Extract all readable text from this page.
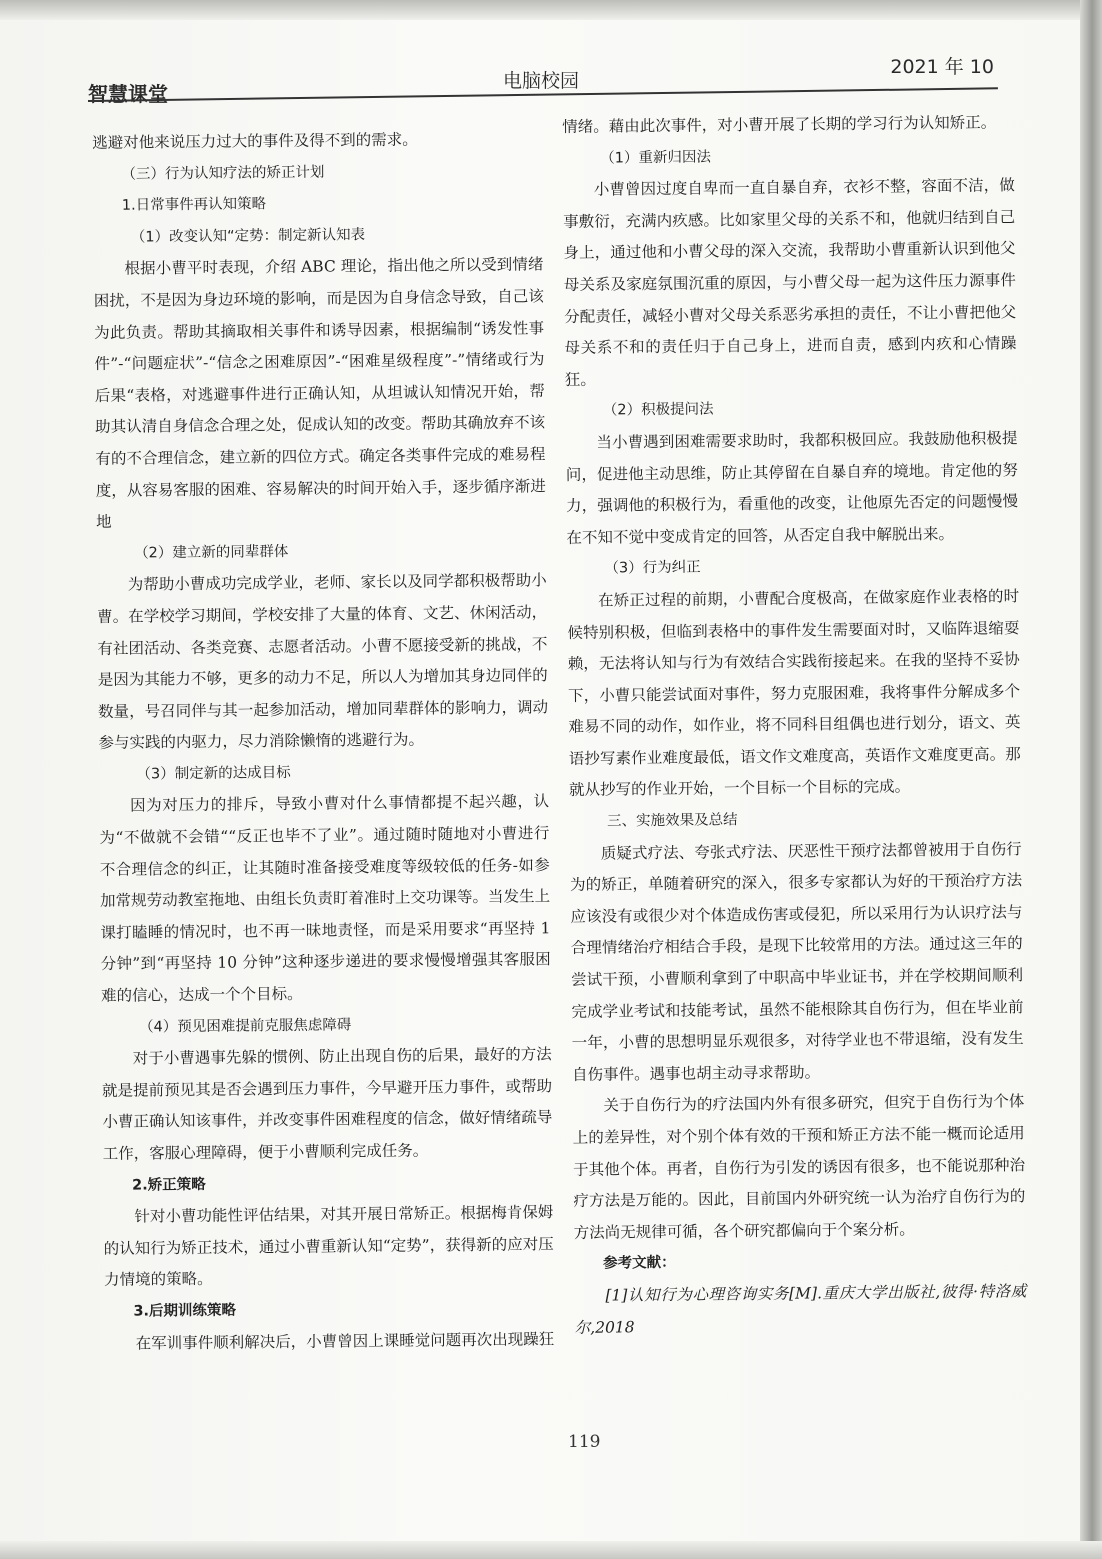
智慧课堂
电脑校园
2021 年 10

逃避对他来说压力过大的事件及得不到的需求。

（三）行为认知疗法的矫正计划

1.日常事件再认知策略

（1）改变认知“定势：制定新认知表

根据小曹平时表现，介绍 ABC 理论，指出他之所以受到情绪困扰，不是因为身边环境的影响，而是因为自身信念导致，自己该为此负责。帮助其摘取相关事件和诱导因素，根据编制“诱发性事件”-“问题症状”-“信念之困难原因”-“困难星级程度”-”情绪或行为后果“表格，对逃避事件进行正确认知，从坦诚认知情况开始，帮助其认清自身信念合理之处，促成认知的改变。帮助其确放弃不该有的不合理信念，建立新的四位方式。确定各类事件完成的难易程度，从容易客服的困难、容易解决的时间开始入手，逐步循序渐进地

（2）建立新的同辈群体

为帮助小曹成功完成学业，老师、家长以及同学都积极帮助小曹。在学校学习期间，学校安排了大量的体育、文艺、休闲活动，有社团活动、各类竞赛、志愿者活动。小曹不愿接受新的挑战，不是因为其能力不够，更多的动力不足，所以人为增加其身边同伴的数量，号召同伴与其一起参加活动，增加同辈群体的影响力，调动参与实践的内驱力，尽力消除懒惰的逃避行为。

（3）制定新的达成目标

因为对压力的排斥，导致小曹对什么事情都提不起兴趣，认为“不做就不会错““反正也毕不了业”。通过随时随地对小曹进行不合理信念的纠正，让其随时准备接受难度等级较低的任务-如参加常规劳动教室拖地、由组长负责盯着准时上交功课等。当发生上课打瞌睡的情况时，也不再一昧地责怪，而是采用要求“再坚持 1 分钟”到“再坚持 10 分钟”这种逐步递进的要求慢慢增强其客服困难的信心，达成一个个目标。

（4）预见困难提前克服焦虑障碍

对于小曹遇事先躲的惯例、防止出现自伤的后果，最好的方法就是提前预见其是否会遇到压力事件，今早避开压力事件，或帮助小曹正确认知该事件，并改变事件困难程度的信念，做好情绪疏导工作，客服心理障碍，便于小曹顺利完成任务。

2.矫正策略

针对小曹功能性评估结果，对其开展日常矫正。根据梅肯保姆的认知行为矫正技术，通过小曹重新认知“定势”，获得新的应对压力情境的策略。

3.后期训练策略

在军训事件顺利解决后，小曹曾因上课睡觉问题再次出现躁狂

情绪。藉由此次事件，对小曹开展了长期的学习行为认知矫正。

（1）重新归因法

小曹曾因过度自卑而一直自暴自弃，衣衫不整，容面不洁，做事敷衍，充满内疚感。比如家里父母的关系不和，他就归结到自己身上，通过他和小曹父母的深入交流，我帮助小曹重新认识到他父母关系及家庭氛围沉重的原因，与小曹父母一起为这件压力源事件分配责任，减轻小曹对父母关系恶劣承担的责任，不让小曹把他父母关系不和的责任归于自己身上，进而自责，感到内疚和心情躁狂。

（2）积极提问法

当小曹遇到困难需要求助时，我都积极回应。我鼓励他积极提问，促进他主动思维，防止其停留在自暴自弃的境地。肯定他的努力，强调他的积极行为，看重他的改变，让他原先否定的问题慢慢在不知不觉中变成肯定的回答，从否定自我中解脱出来。

（3）行为纠正

在矫正过程的前期，小曹配合度极高，在做家庭作业表格的时候特别积极，但临到表格中的事件发生需要面对时，又临阵退缩耍赖，无法将认知与行为有效结合实践衔接起来。在我的坚持不妥协下，小曹只能尝试面对事件，努力克服困难，我将事件分解成多个难易不同的动作，如作业，将不同科目组偶也进行划分，语文、英语抄写素作业难度最低，语文作文难度高，英语作文难度更高。那就从抄写的作业开始，一个目标一个目标的完成。

三、实施效果及总结

质疑式疗法、夸张式疗法、厌恶性干预疗法都曾被用于自伤行为的矫正，单随着研究的深入，很多专家都认为好的干预治疗方法应该没有或很少对个体造成伤害或侵犯，所以采用行为认识疗法与合理情绪治疗相结合手段，是现下比较常用的方法。通过这三年的尝试干预，小曹顺利拿到了中职高中毕业证书，并在学校期间顺利完成学业考试和技能考试，虽然不能根除其自伤行为，但在毕业前一年，小曹的思想明显乐观很多，对待学业也不带退缩，没有发生自伤事件。遇事也胡主动寻求帮助。

关于自伤行为的疗法国内外有很多研究，但究于自伤行为个体上的差异性，对个别个体有效的干预和矫正方法不能一概而论适用于其他个体。再者，自伤行为引发的诱因有很多，也不能说那种治疗方法是万能的。因此，目前国内外研究统一认为治疗自伤行为的方法尚无规律可循，各个研究都偏向于个案分析。

参考文献：

[1]认知行为心理咨询实务[M].重庆大学出版社,彼得·特洛威尔,2018

119
